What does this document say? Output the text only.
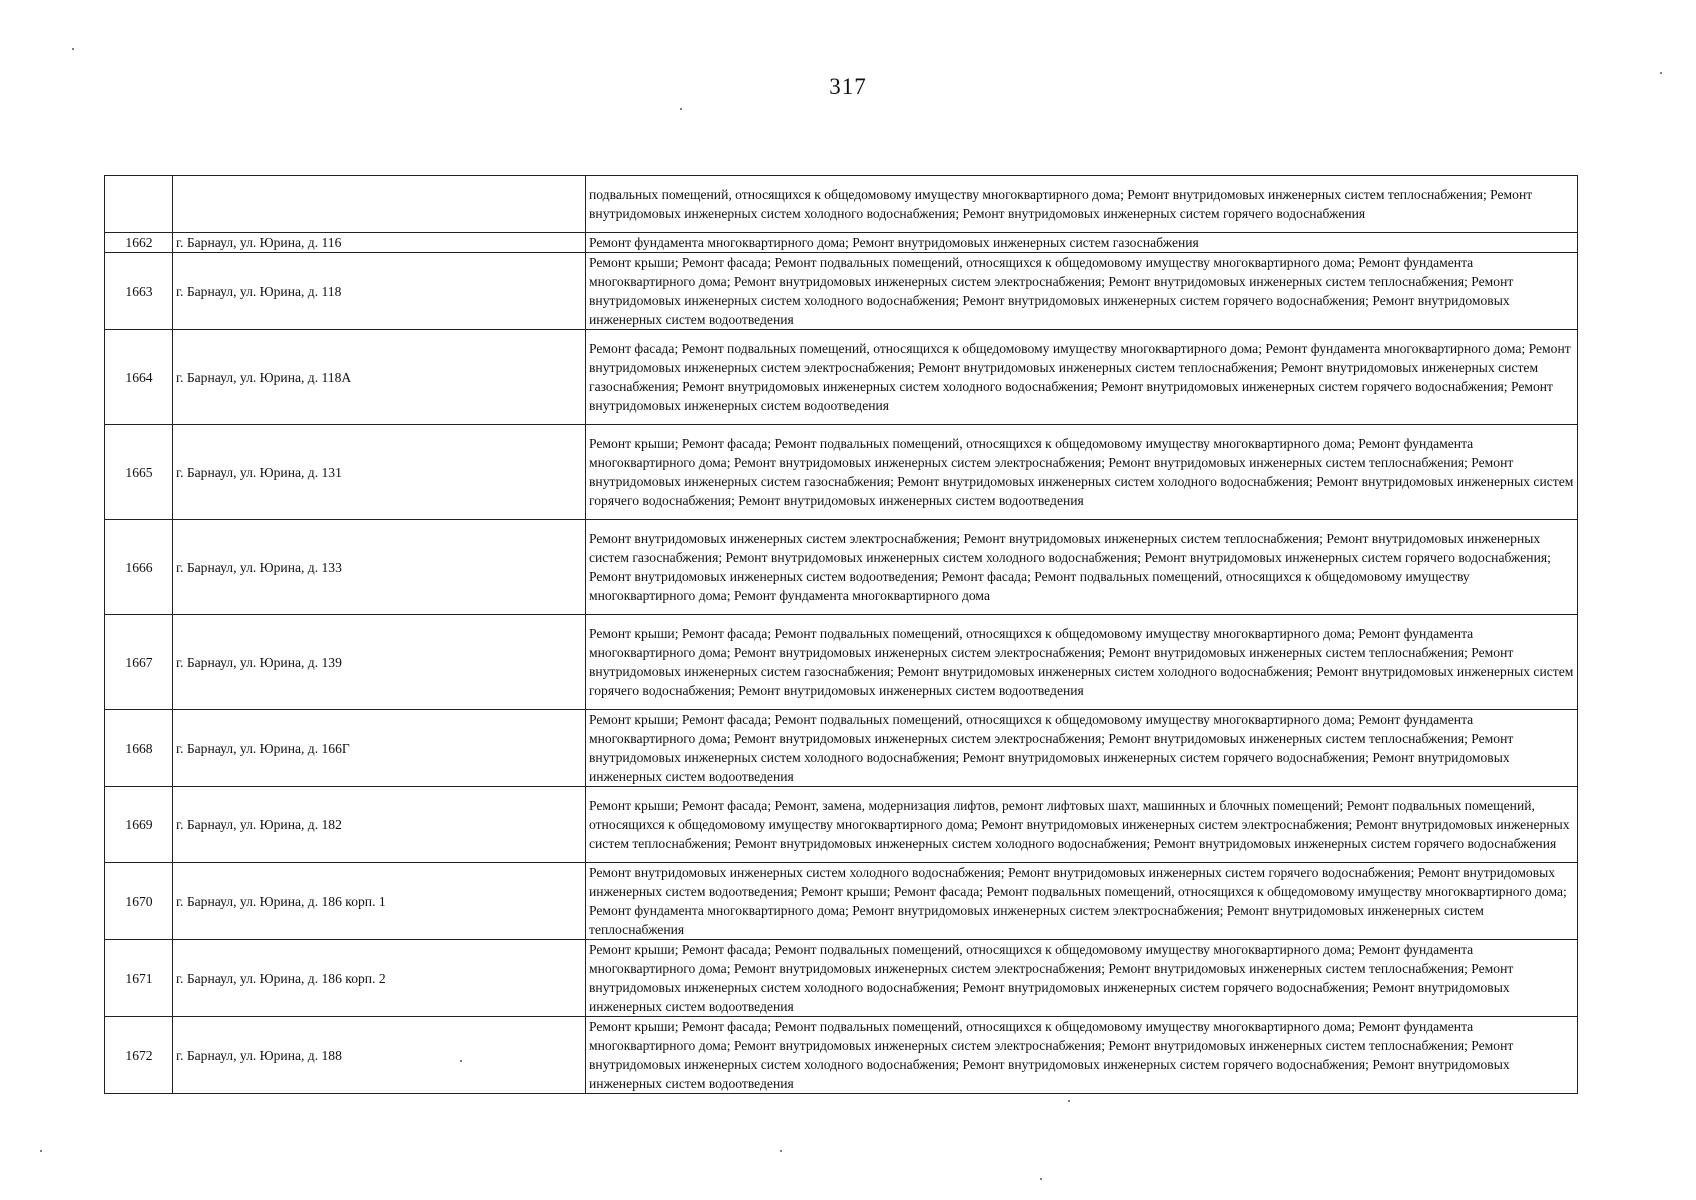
317
		подвальных помещений, относящихся к общедомовому имуществу многоквартирного дома; Ремонт внутридомовых инженерных систем теплоснабжения; Ремонт внутридомовых инженерных систем холодного водоснабжения; Ремонт внутридомовых инженерных систем горячего водоснабжения
1662	г. Барнаул, ул. Юрина, д. 116	Ремонт фундамента многоквартирного дома; Ремонт внутридомовых инженерных систем газоснабжения
1663	г. Барнаул, ул. Юрина, д. 118	Ремонт крыши; Ремонт фасада; Ремонт подвальных помещений, относящихся к общедомовому имуществу многоквартирного дома; Ремонт фундамента многоквартирного дома; Ремонт внутридомовых инженерных систем электроснабжения; Ремонт внутридомовых инженерных систем теплоснабжения; Ремонт внутридомовых инженерных систем холодного водоснабжения; Ремонт внутридомовых инженерных систем горячего водоснабжения; Ремонт внутридомовых инженерных систем водоотведения
1664	г. Барнаул, ул. Юрина, д. 118А	Ремонт фасада; Ремонт подвальных помещений, относящихся к общедомовому имуществу многоквартирного дома; Ремонт фундамента многоквартирного дома; Ремонт внутридомовых инженерных систем электроснабжения; Ремонт внутридомовых инженерных систем теплоснабжения; Ремонт внутридомовых инженерных систем газоснабжения; Ремонт внутридомовых инженерных систем холодного водоснабжения; Ремонт внутридомовых инженерных систем горячего водоснабжения; Ремонт внутридомовых инженерных систем водоотведения
1665	г. Барнаул, ул. Юрина, д. 131	Ремонт крыши; Ремонт фасада; Ремонт подвальных помещений, относящихся к общедомовому имуществу многоквартирного дома; Ремонт фундамента многоквартирного дома; Ремонт внутридомовых инженерных систем электроснабжения; Ремонт внутридомовых инженерных систем теплоснабжения; Ремонт внутридомовых инженерных систем газоснабжения; Ремонт внутридомовых инженерных систем холодного водоснабжения; Ремонт внутридомовых инженерных систем горячего водоснабжения; Ремонт внутридомовых инженерных систем водоотведения
1666	г. Барнаул, ул. Юрина, д. 133	Ремонт внутридомовых инженерных систем электроснабжения; Ремонт внутридомовых инженерных систем теплоснабжения; Ремонт внутридомовых инженерных систем газоснабжения; Ремонт внутридомовых инженерных систем холодного водоснабжения; Ремонт внутридомовых инженерных систем горячего водоснабжения; Ремонт внутридомовых инженерных систем водоотведения; Ремонт фасада; Ремонт подвальных помещений, относящихся к общедомовому имуществу многоквартирного дома; Ремонт фундамента многоквартирного дома
1667	г. Барнаул, ул. Юрина, д. 139	Ремонт крыши; Ремонт фасада; Ремонт подвальных помещений, относящихся к общедомовому имуществу многоквартирного дома; Ремонт фундамента многоквартирного дома; Ремонт внутридомовых инженерных систем электроснабжения; Ремонт внутридомовых инженерных систем теплоснабжения; Ремонт внутридомовых инженерных систем газоснабжения; Ремонт внутридомовых инженерных систем холодного водоснабжения; Ремонт внутридомовых инженерных систем горячего водоснабжения; Ремонт внутридомовых инженерных систем водоотведения
1668	г. Барнаул, ул. Юрина, д. 166Г	Ремонт крыши; Ремонт фасада; Ремонт подвальных помещений, относящихся к общедомовому имуществу многоквартирного дома; Ремонт фундамента многоквартирного дома; Ремонт внутридомовых инженерных систем электроснабжения; Ремонт внутридомовых инженерных систем теплоснабжения; Ремонт внутридомовых инженерных систем холодного водоснабжения; Ремонт внутридомовых инженерных систем горячего водоснабжения; Ремонт внутридомовых инженерных систем водоотведения
1669	г. Барнаул, ул. Юрина, д. 182	Ремонт крыши; Ремонт фасада; Ремонт, замена, модернизация лифтов, ремонт лифтовых шахт, машинных и блочных помещений; Ремонт подвальных помещений, относящихся к общедомовому имуществу многоквартирного дома; Ремонт внутридомовых инженерных систем электроснабжения; Ремонт внутридомовых инженерных систем теплоснабжения; Ремонт внутридомовых инженерных систем холодного водоснабжения; Ремонт внутридомовых инженерных систем горячего водоснабжения
1670	г. Барнаул, ул. Юрина, д. 186 корп. 1	Ремонт внутридомовых инженерных систем холодного водоснабжения; Ремонт внутридомовых инженерных систем горячего водоснабжения; Ремонт внутридомовых инженерных систем водоотведения; Ремонт крыши; Ремонт фасада; Ремонт подвальных помещений, относящихся к общедомовому имуществу многоквартирного дома; Ремонт фундамента многоквартирного дома; Ремонт внутридомовых инженерных систем электроснабжения; Ремонт внутридомовых инженерных систем теплоснабжения
1671	г. Барнаул, ул. Юрина, д. 186 корп. 2	Ремонт крыши; Ремонт фасада; Ремонт подвальных помещений, относящихся к общедомовому имуществу многоквартирного дома; Ремонт фундамента многоквартирного дома; Ремонт внутридомовых инженерных систем электроснабжения; Ремонт внутридомовых инженерных систем теплоснабжения; Ремонт внутридомовых инженерных систем холодного водоснабжения; Ремонт внутридомовых инженерных систем горячего водоснабжения; Ремонт внутридомовых инженерных систем водоотведения
1672	г. Барнаул, ул. Юрина, д. 188	Ремонт крыши; Ремонт фасада; Ремонт подвальных помещений, относящихся к общедомовому имуществу многоквартирного дома; Ремонт фундамента многоквартирного дома; Ремонт внутридомовых инженерных систем электроснабжения; Ремонт внутридомовых инженерных систем теплоснабжения; Ремонт внутридомовых инженерных систем холодного водоснабжения; Ремонт внутридомовых инженерных систем горячего водоснабжения; Ремонт внутридомовых инженерных систем водоотведения
